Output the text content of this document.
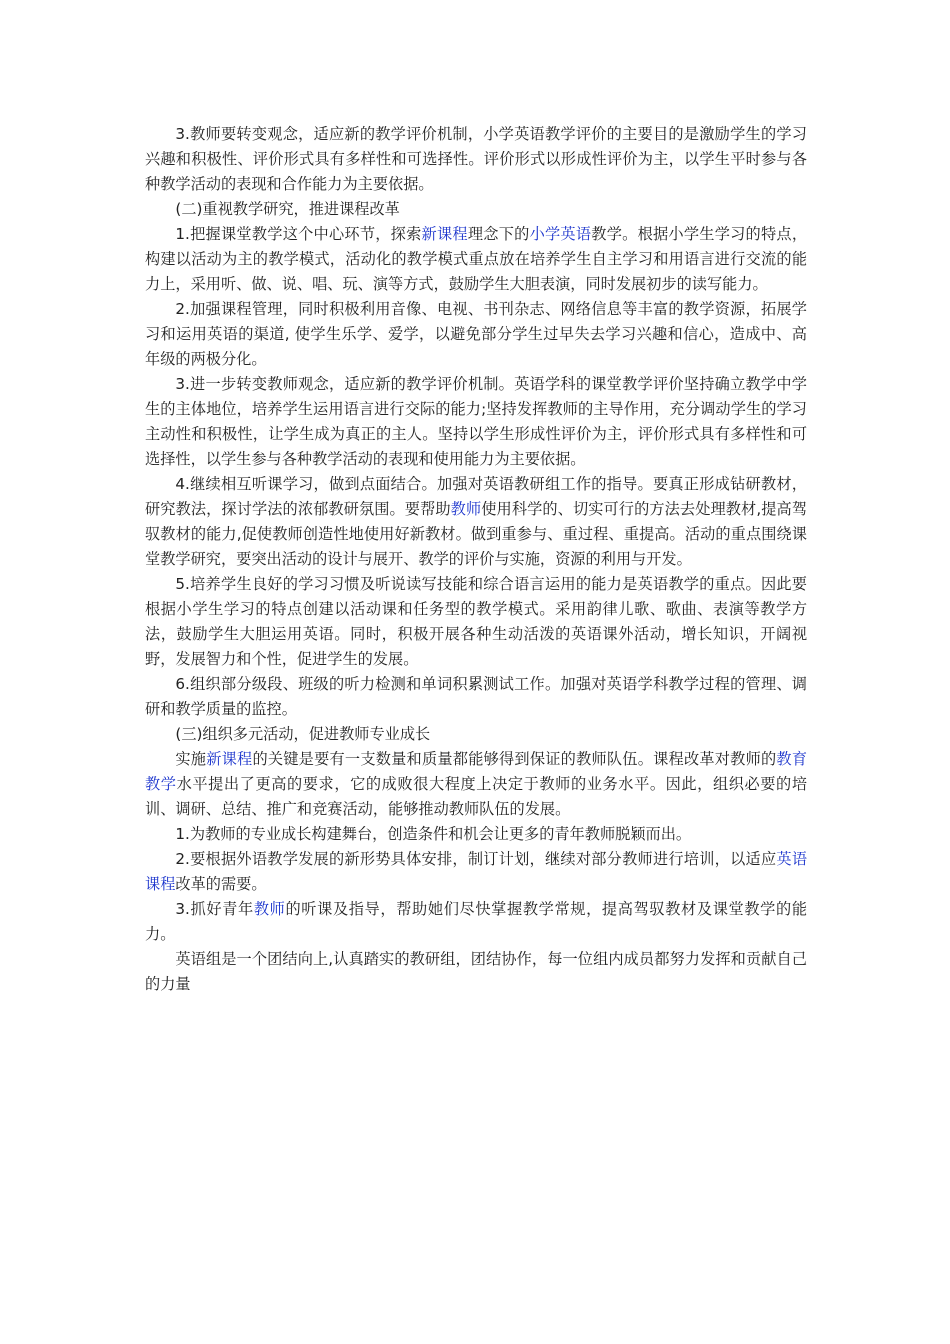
3.教师要转变观念，适应新的教学评价机制，小学英语教学评价的主要目的是激励学生的学习兴趣和积极性、评价形式具有多样性和可选择性。评价形式以形成性评价为主，以学生平时参与各种教学活动的表现和合作能力为主要依据。

(二)重视教学研究，推进课程改革

1.把握课堂教学这个中心环节，探索新课程理念下的小学英语教学。根据小学生学习的特点，构建以活动为主的教学模式，活动化的教学模式重点放在培养学生自主学习和用语言进行交流的能力上，采用听、做、说、唱、玩、演等方式，鼓励学生大胆表演，同时发展初步的读写能力。

2.加强课程管理，同时积极利用音像、电视、书刊杂志、网络信息等丰富的教学资源，拓展学习和运用英语的渠道, 使学生乐学、爱学，以避免部分学生过早失去学习兴趣和信心，造成中、高年级的两极分化。

3.进一步转变教师观念，适应新的教学评价机制。英语学科的课堂教学评价坚持确立教学中学生的主体地位，培养学生运用语言进行交际的能力;坚持发挥教师的主导作用，充分调动学生的学习主动性和积极性，让学生成为真正的主人。坚持以学生形成性评价为主，评价形式具有多样性和可选择性，以学生参与各种教学活动的表现和使用能力为主要依据。

4.继续相互听课学习，做到点面结合。加强对英语教研组工作的指导。要真正形成钻研教材，研究教法，探讨学法的浓郁教研氛围。要帮助教师使用科学的、切实可行的方法去处理教材,提高驾驭教材的能力,促使教师创造性地使用好新教材。做到重参与、重过程、重提高。活动的重点围绕课堂教学研究，要突出活动的设计与展开、教学的评价与实施，资源的利用与开发。

5.培养学生良好的学习习惯及听说读写技能和综合语言运用的能力是英语教学的重点。因此要根据小学生学习的特点创建以活动课和任务型的教学模式。采用韵律儿歌、歌曲、表演等教学方法，鼓励学生大胆运用英语。同时，积极开展各种生动活泼的英语课外活动，增长知识，开阔视野，发展智力和个性，促进学生的发展。

6.组织部分级段、班级的听力检测和单词积累测试工作。加强对英语学科教学过程的管理、调研和教学质量的监控。

(三)组织多元活动，促进教师专业成长

实施新课程的关键是要有一支数量和质量都能够得到保证的教师队伍。课程改革对教师的教育教学水平提出了更高的要求，它的成败很大程度上决定于教师的业务水平。因此，组织必要的培训、调研、总结、推广和竞赛活动，能够推动教师队伍的发展。

1.为教师的专业成长构建舞台，创造条件和机会让更多的青年教师脱颖而出。

2.要根据外语教学发展的新形势具体安排，制订计划，继续对部分教师进行培训，以适应英语课程改革的需要。

3.抓好青年教师的听课及指导，帮助她们尽快掌握教学常规，提高驾驭教材及课堂教学的能力。

英语组是一个团结向上,认真踏实的教研组，团结协作，每一位组内成员都努力发挥和贡献自己的力量
